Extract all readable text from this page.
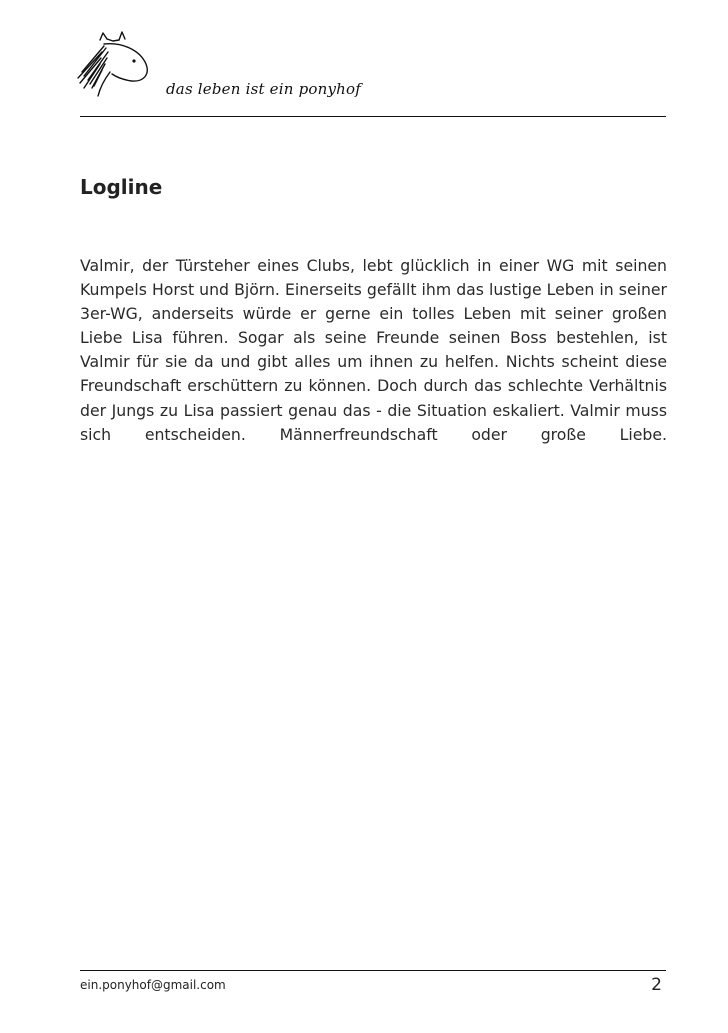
das leben ist ein ponyhof
Logline

Valmir, der Türsteher eines Clubs, lebt glücklich in einer WG mit seinen Kumpels Horst und Björn. Einerseits gefällt ihm das lustige Leben in seiner 3er-WG, anderseits würde er gerne ein tolles Leben mit seiner großen Liebe Lisa führen. Sogar als seine Freunde seinen Boss bestehlen, ist Valmir für sie da und gibt alles um ihnen zu helfen. Nichts scheint diese Freundschaft erschüttern zu können. Doch durch das schlechte Verhältnis der Jungs zu Lisa passiert genau das - die Situation eskaliert. Valmir muss sich entscheiden. Männerfreundschaft oder große Liebe.

ein.ponyhof@gmail.com	2
